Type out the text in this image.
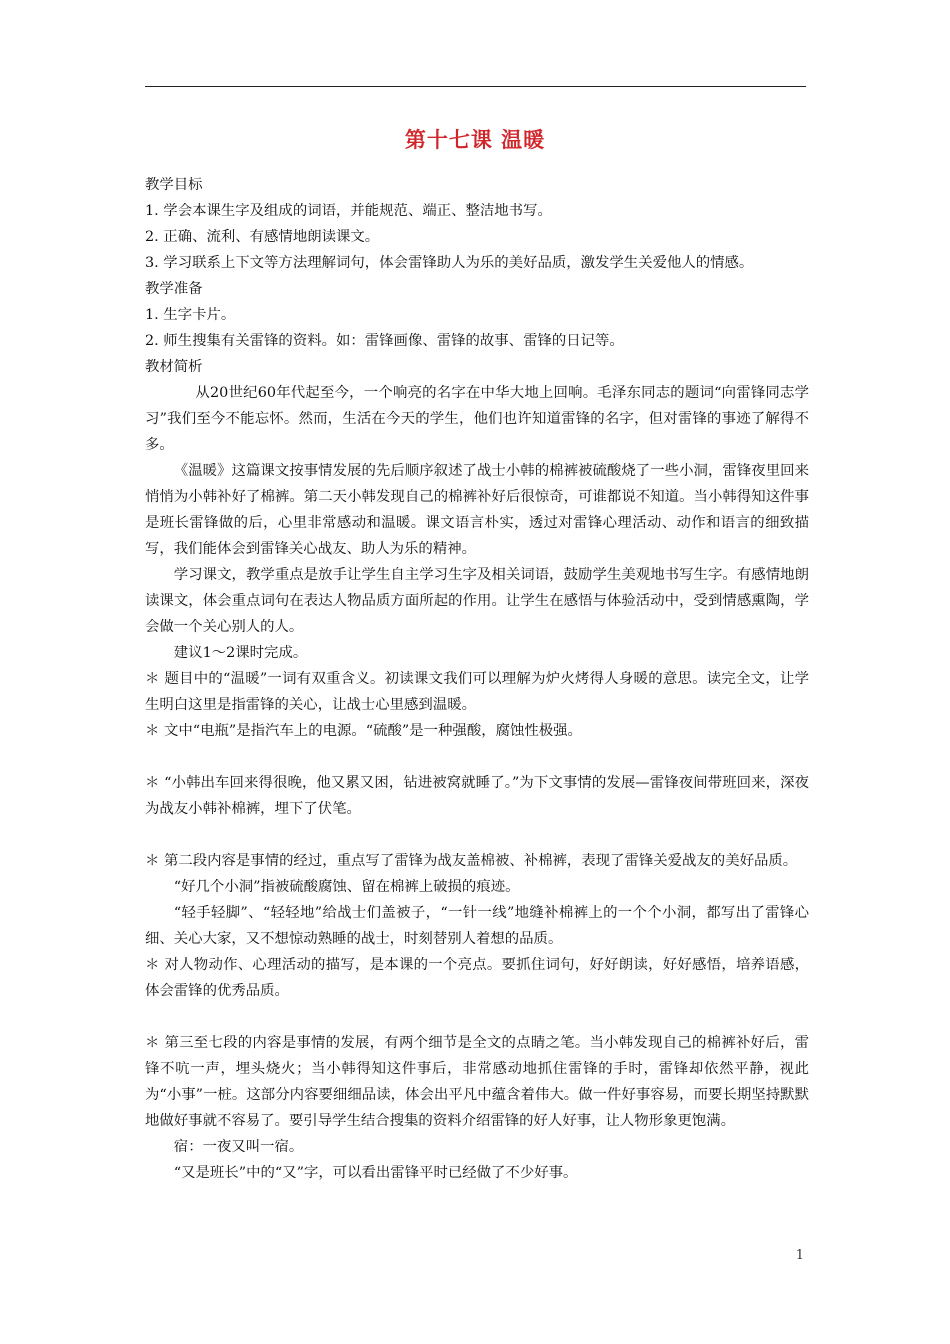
第十七课 温暖

教学目标

1. 学会本课生字及组成的词语，并能规范、端正、整洁地书写。

2. 正确、流利、有感情地朗读课文。

3. 学习联系上下文等方法理解词句，体会雷锋助人为乐的美好品质，激发学生关爱他人的情感。

教学准备

1. 生字卡片。

2. 师生搜集有关雷锋的资料。如：雷锋画像、雷锋的故事、雷锋的日记等。

教材简析

从20世纪60年代起至今，一个响亮的名字在中华大地上回响。毛泽东同志的题词“向雷锋同志学习”我们至今不能忘怀。然而，生活在今天的学生，他们也许知道雷锋的名字，但对雷锋的事迹了解得不多。

《温暖》这篇课文按事情发展的先后顺序叙述了战士小韩的棉裤被硫酸烧了一些小洞，雷锋夜里回来悄悄为小韩补好了棉裤。第二天小韩发现自己的棉裤补好后很惊奇，可谁都说不知道。当小韩得知这件事是班长雷锋做的后，心里非常感动和温暖。课文语言朴实，透过对雷锋心理活动、动作和语言的细致描写，我们能体会到雷锋关心战友、助人为乐的精神。

学习课文，教学重点是放手让学生自主学习生字及相关词语，鼓励学生美观地书写生字。有感情地朗读课文，体会重点词句在表达人物品质方面所起的作用。让学生在感悟与体验活动中，受到情感熏陶，学会做一个关心别人的人。

建议1～2课时完成。

＊ 题目中的“温暖”一词有双重含义。初读课文我们可以理解为炉火烤得人身暖的意思。读完全文，让学生明白这里是指雷锋的关心，让战士心里感到温暖。

＊ 文中“电瓶”是指汽车上的电源。“硫酸”是一种强酸，腐蚀性极强。

＊ “小韩出车回来得很晚，他又累又困，钻进被窝就睡了。”为下文事情的发展—雷锋夜间带班回来，深夜为战友小韩补棉裤，埋下了伏笔。

＊ 第二段内容是事情的经过，重点写了雷锋为战友盖棉被、补棉裤，表现了雷锋关爱战友的美好品质。

“好几个小洞”指被硫酸腐蚀、留在棉裤上破损的痕迹。

“轻手轻脚”、“轻轻地”给战士们盖被子，“一针一线”地缝补棉裤上的一个个小洞，都写出了雷锋心细、关心大家，又不想惊动熟睡的战士，时刻替别人着想的品质。

＊ 对人物动作、心理活动的描写，是本课的一个亮点。要抓住词句，好好朗读，好好感悟，培养语感，体会雷锋的优秀品质。

＊ 第三至七段的内容是事情的发展，有两个细节是全文的点睛之笔。当小韩发现自己的棉裤补好后，雷锋不吭一声，埋头烧火；当小韩得知这件事后，非常感动地抓住雷锋的手时，雷锋却依然平静，视此为“小事”一桩。这部分内容要细细品读，体会出平凡中蕴含着伟大。做一件好事容易，而要长期坚持默默地做好事就不容易了。要引导学生结合搜集的资料介绍雷锋的好人好事，让人物形象更饱满。

宿：一夜又叫一宿。

“又是班长”中的“又”字，可以看出雷锋平时已经做了不少好事。

1
